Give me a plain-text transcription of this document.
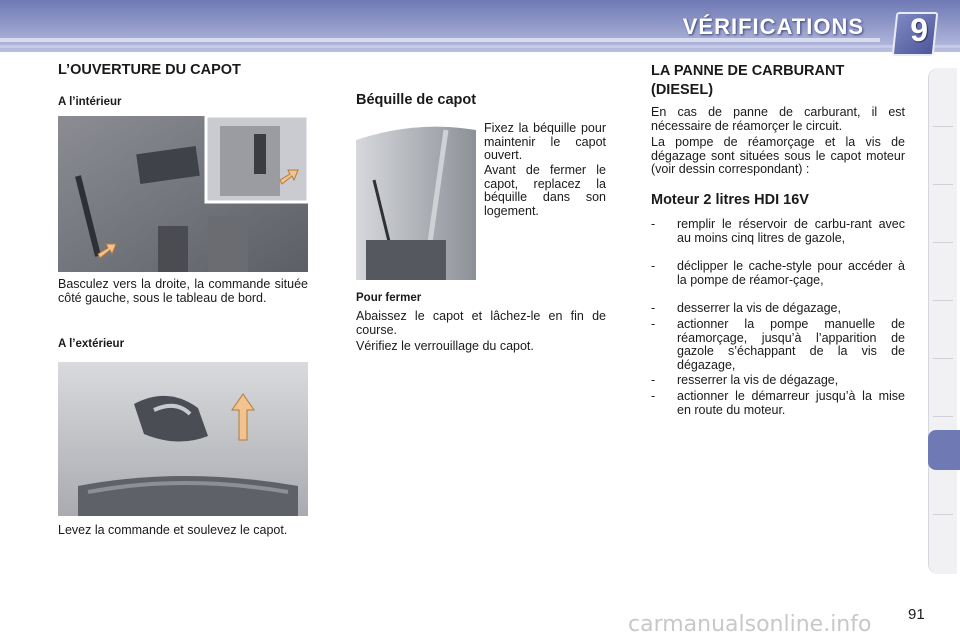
VÉRIFICATIONS 9
L’OUVERTURE DU CAPOT
A l’intérieur
Basculez vers la droite, la commande située côté gauche, sous le tableau de bord.
A l’extérieur
Levez la commande et soulevez le capot.
Béquille de capot
Fixez la béquille pour maintenir le capot ouvert.
Avant de fermer le capot, replacez la béquille dans son logement.
Pour fermer
Abaissez le capot et lâchez-le en fin de course.
Vérifiez le verrouillage du capot.
LA PANNE DE CARBURANT (DIESEL)
En cas de panne de carburant, il est nécessaire de réamorçer le circuit.
La pompe de réamorçage et la vis de dégazage sont situées sous le capot moteur (voir dessin correspondant) :
Moteur 2 litres HDI 16V
- remplir le réservoir de carbu-rant avec au moins cinq litres de gazole,
- déclipper le cache-style pour accéder à la pompe de réamor-çage,
- desserrer la vis de dégazage,
- actionner la pompe manuelle de réamorçage, jusqu’à l’apparition de gazole s’échappant de la vis de dégazage,
- resserrer la vis de dégazage,
- actionner le démarreur jusqu’à la mise en route du moteur.
carmanualsonline.info 91
